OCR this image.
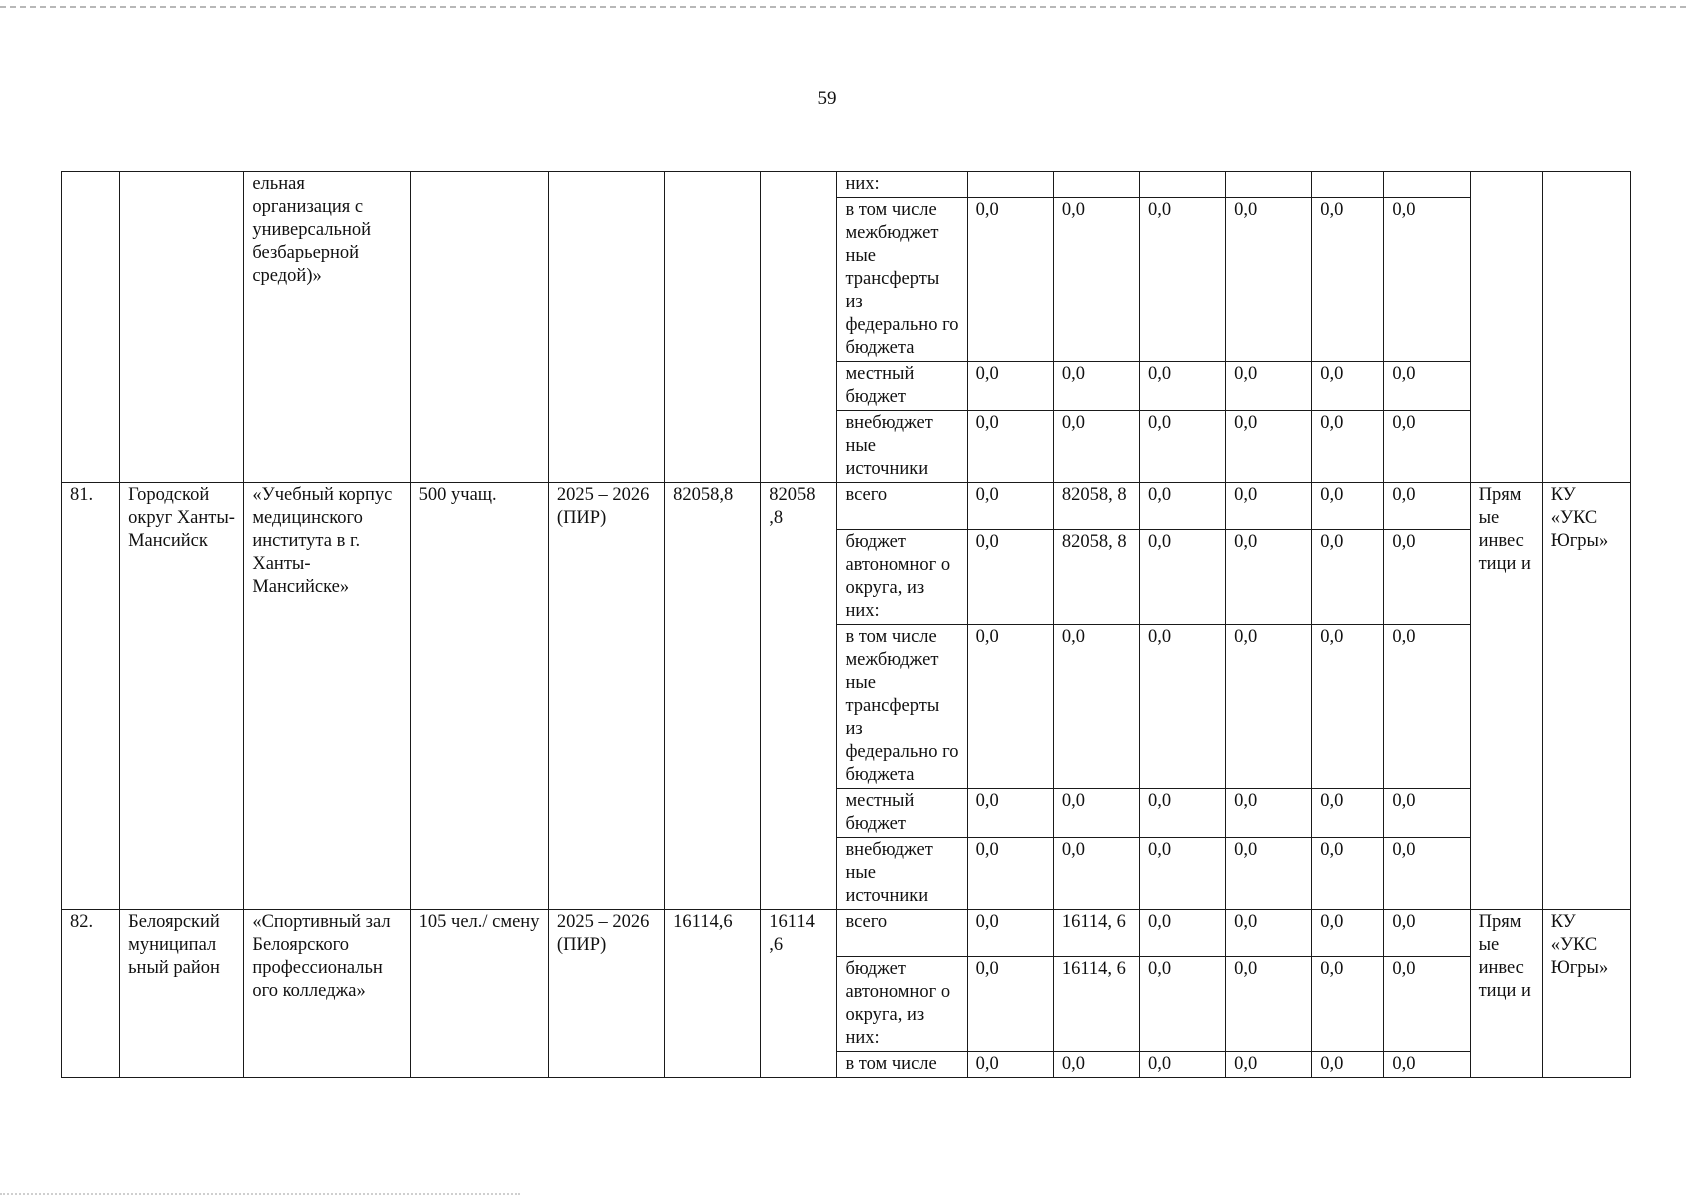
59
		ельная организация с универсальной безбарьерной средой)»					них:								
							в том числе межбюджет ные трансферты из федерально го бюджета	0,0	0,0	0,0	0,0	0,0	0,0		
							местный бюджет	0,0	0,0	0,0	0,0	0,0	0,0		
							внебюджет ные источники	0,0	0,0	0,0	0,0	0,0	0,0		
81.	Городской округ Ханты-Мансийск	«Учебный корпус медицинского института в г. Ханты-Мансийске»	500 учащ.	2025 – 2026 (ПИР)	82058,8	82058 ,8	всего	0,0	82058, 8	0,0	0,0	0,0	0,0	Прям ые инвес тици и	КУ «УКС Югры»
							бюджет автономног о округа, из них:	0,0	82058, 8	0,0	0,0	0,0	0,0		
							в том числе межбюджет ные трансферты из федерально го бюджета	0,0	0,0	0,0	0,0	0,0	0,0		
							местный бюджет	0,0	0,0	0,0	0,0	0,0	0,0		
							внебюджет ные источники	0,0	0,0	0,0	0,0	0,0	0,0		
82.	Белоярский муниципал ьный район	«Спортивный зал Белоярского профессиональн ого колледжа»	105 чел./ смену	2025 – 2026 (ПИР)	16114,6	16114 ,6	всего	0,0	16114, 6	0,0	0,0	0,0	0,0	Прям ые инвес тици и	КУ «УКС Югры»
							бюджет автономног о округа, из них:	0,0	16114, 6	0,0	0,0	0,0	0,0		
							в том числе	0,0	0,0	0,0	0,0	0,0	0,0		
